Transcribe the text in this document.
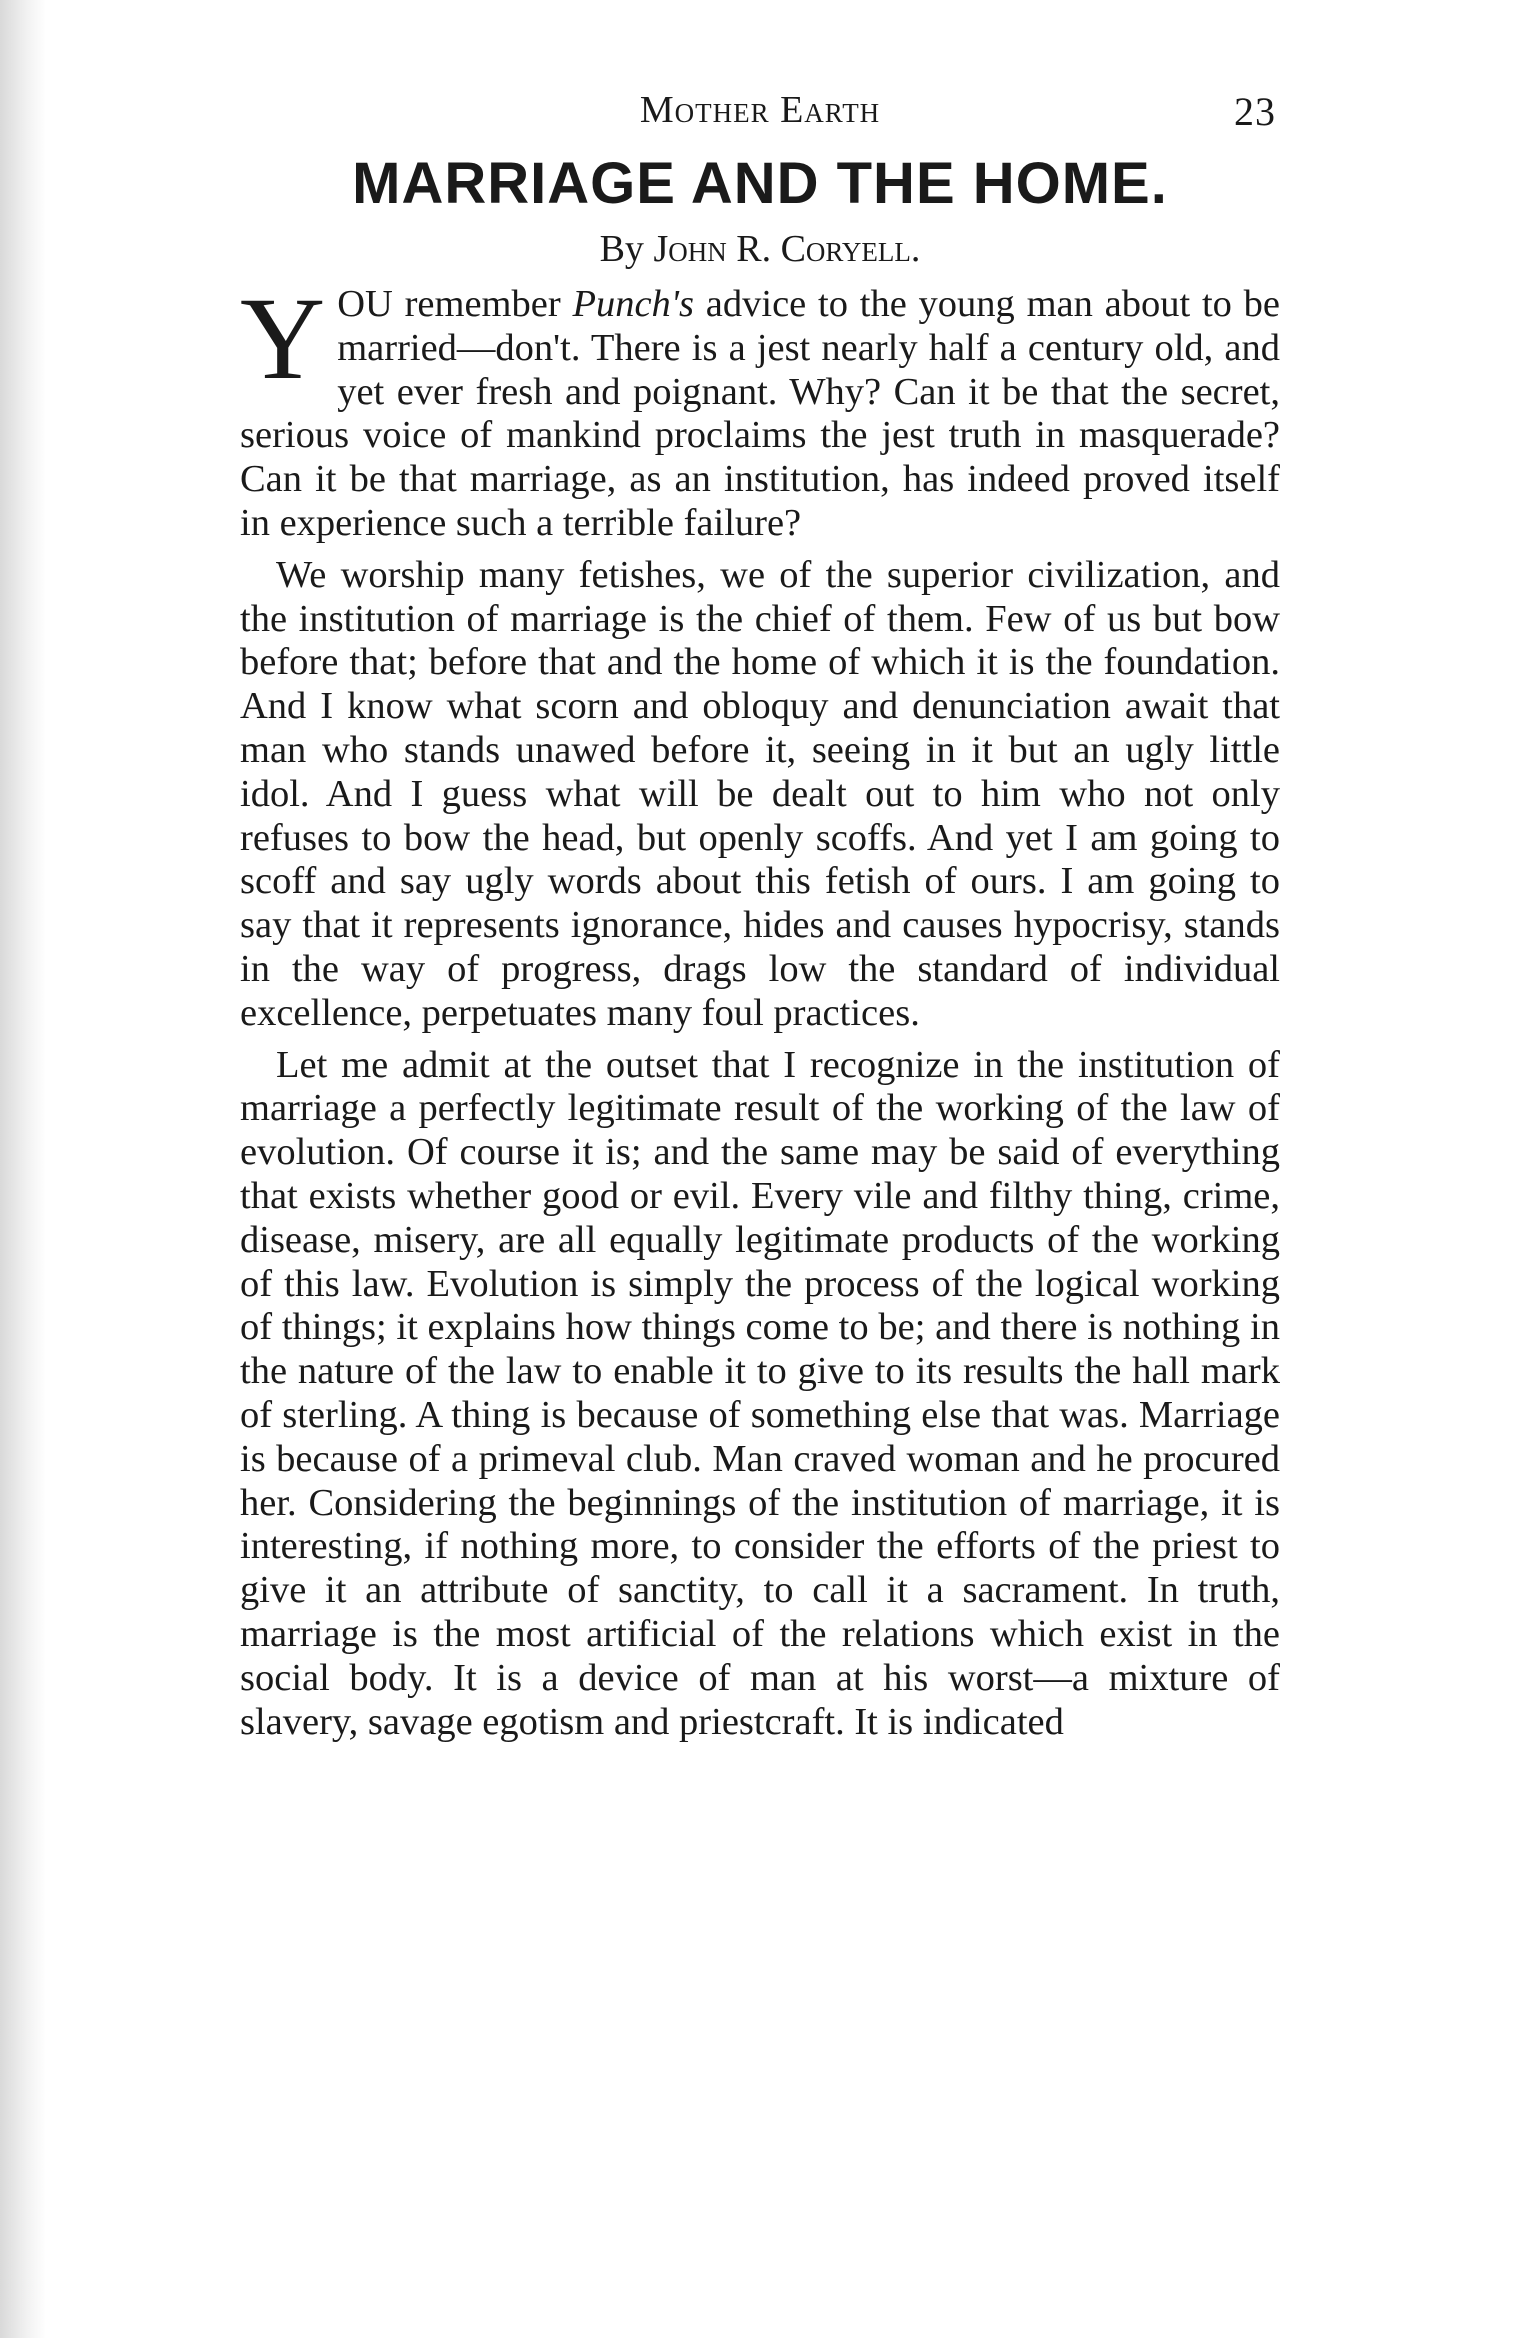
Mother Earth	23
MARRIAGE AND THE HOME.
By John R. Coryell.

YOU remember Punch's advice to the young man about to be married—don't. There is a jest nearly half a century old, and yet ever fresh and poignant. Why? Can it be that the secret, serious voice of mankind proclaims the jest truth in masquerade? Can it be that marriage, as an institution, has indeed proved itself in experience such a terrible failure?

We worship many fetishes, we of the superior civilization, and the institution of marriage is the chief of them. Few of us but bow before that; before that and the home of which it is the foundation. And I know what scorn and obloquy and denunciation await that man who stands unawed before it, seeing in it but an ugly little idol. And I guess what will be dealt out to him who not only refuses to bow the head, but openly scoffs. And yet I am going to scoff and say ugly words about this fetish of ours. I am going to say that it represents ignorance, hides and causes hypocrisy, stands in the way of progress, drags low the standard of individual excellence, perpetuates many foul practices.

Let me admit at the outset that I recognize in the institution of marriage a perfectly legitimate result of the working of the law of evolution. Of course it is; and the same may be said of everything that exists whether good or evil. Every vile and filthy thing, crime, disease, misery, are all equally legitimate products of the working of this law. Evolution is simply the process of the logical working of things; it explains how things come to be; and there is nothing in the nature of the law to enable it to give to its results the hall mark of sterling. A thing is because of something else that was. Marriage is because of a primeval club. Man craved woman and he procured her. Considering the beginnings of the institution of marriage, it is interesting, if nothing more, to consider the efforts of the priest to give it an attribute of sanctity, to call it a sacrament. In truth, marriage is the most artificial of the relations which exist in the social body. It is a device of man at his worst—a mixture of slavery, savage egotism and priestcraft. It is indicated
